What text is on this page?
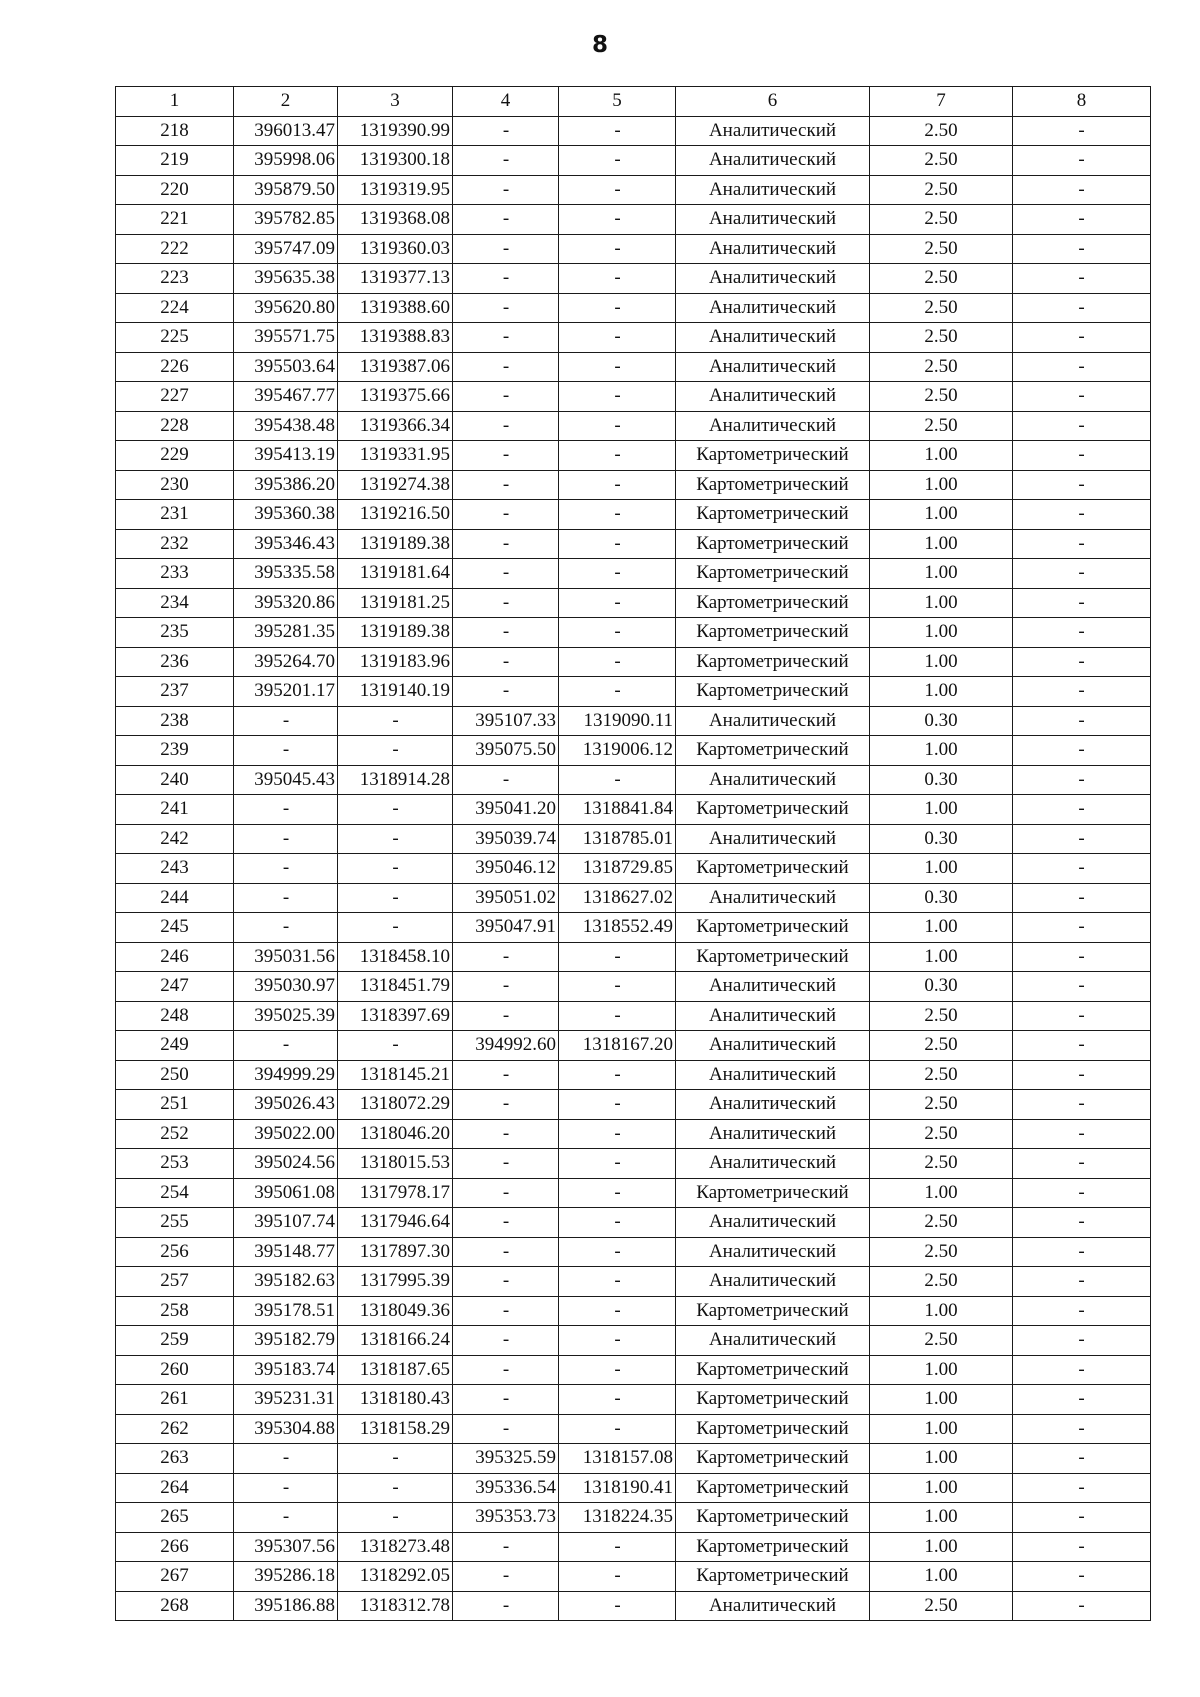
8
1	2	3	4	5	6	7	8
218	396013.47	1319390.99	-	-	Аналитический	2.50	-
219	395998.06	1319300.18	-	-	Аналитический	2.50	-
220	395879.50	1319319.95	-	-	Аналитический	2.50	-
221	395782.85	1319368.08	-	-	Аналитический	2.50	-
222	395747.09	1319360.03	-	-	Аналитический	2.50	-
223	395635.38	1319377.13	-	-	Аналитический	2.50	-
224	395620.80	1319388.60	-	-	Аналитический	2.50	-
225	395571.75	1319388.83	-	-	Аналитический	2.50	-
226	395503.64	1319387.06	-	-	Аналитический	2.50	-
227	395467.77	1319375.66	-	-	Аналитический	2.50	-
228	395438.48	1319366.34	-	-	Аналитический	2.50	-
229	395413.19	1319331.95	-	-	Картометрический	1.00	-
230	395386.20	1319274.38	-	-	Картометрический	1.00	-
231	395360.38	1319216.50	-	-	Картометрический	1.00	-
232	395346.43	1319189.38	-	-	Картометрический	1.00	-
233	395335.58	1319181.64	-	-	Картометрический	1.00	-
234	395320.86	1319181.25	-	-	Картометрический	1.00	-
235	395281.35	1319189.38	-	-	Картометрический	1.00	-
236	395264.70	1319183.96	-	-	Картометрический	1.00	-
237	395201.17	1319140.19	-	-	Картометрический	1.00	-
238	-	-	395107.33	1319090.11	Аналитический	0.30	-
239	-	-	395075.50	1319006.12	Картометрический	1.00	-
240	395045.43	1318914.28	-	-	Аналитический	0.30	-
241	-	-	395041.20	1318841.84	Картометрический	1.00	-
242	-	-	395039.74	1318785.01	Аналитический	0.30	-
243	-	-	395046.12	1318729.85	Картометрический	1.00	-
244	-	-	395051.02	1318627.02	Аналитический	0.30	-
245	-	-	395047.91	1318552.49	Картометрический	1.00	-
246	395031.56	1318458.10	-	-	Картометрический	1.00	-
247	395030.97	1318451.79	-	-	Аналитический	0.30	-
248	395025.39	1318397.69	-	-	Аналитический	2.50	-
249	-	-	394992.60	1318167.20	Аналитический	2.50	-
250	394999.29	1318145.21	-	-	Аналитический	2.50	-
251	395026.43	1318072.29	-	-	Аналитический	2.50	-
252	395022.00	1318046.20	-	-	Аналитический	2.50	-
253	395024.56	1318015.53	-	-	Аналитический	2.50	-
254	395061.08	1317978.17	-	-	Картометрический	1.00	-
255	395107.74	1317946.64	-	-	Аналитический	2.50	-
256	395148.77	1317897.30	-	-	Аналитический	2.50	-
257	395182.63	1317995.39	-	-	Аналитический	2.50	-
258	395178.51	1318049.36	-	-	Картометрический	1.00	-
259	395182.79	1318166.24	-	-	Аналитический	2.50	-
260	395183.74	1318187.65	-	-	Картометрический	1.00	-
261	395231.31	1318180.43	-	-	Картометрический	1.00	-
262	395304.88	1318158.29	-	-	Картометрический	1.00	-
263	-	-	395325.59	1318157.08	Картометрический	1.00	-
264	-	-	395336.54	1318190.41	Картометрический	1.00	-
265	-	-	395353.73	1318224.35	Картометрический	1.00	-
266	395307.56	1318273.48	-	-	Картометрический	1.00	-
267	395286.18	1318292.05	-	-	Картометрический	1.00	-
268	395186.88	1318312.78	-	-	Аналитический	2.50	-
